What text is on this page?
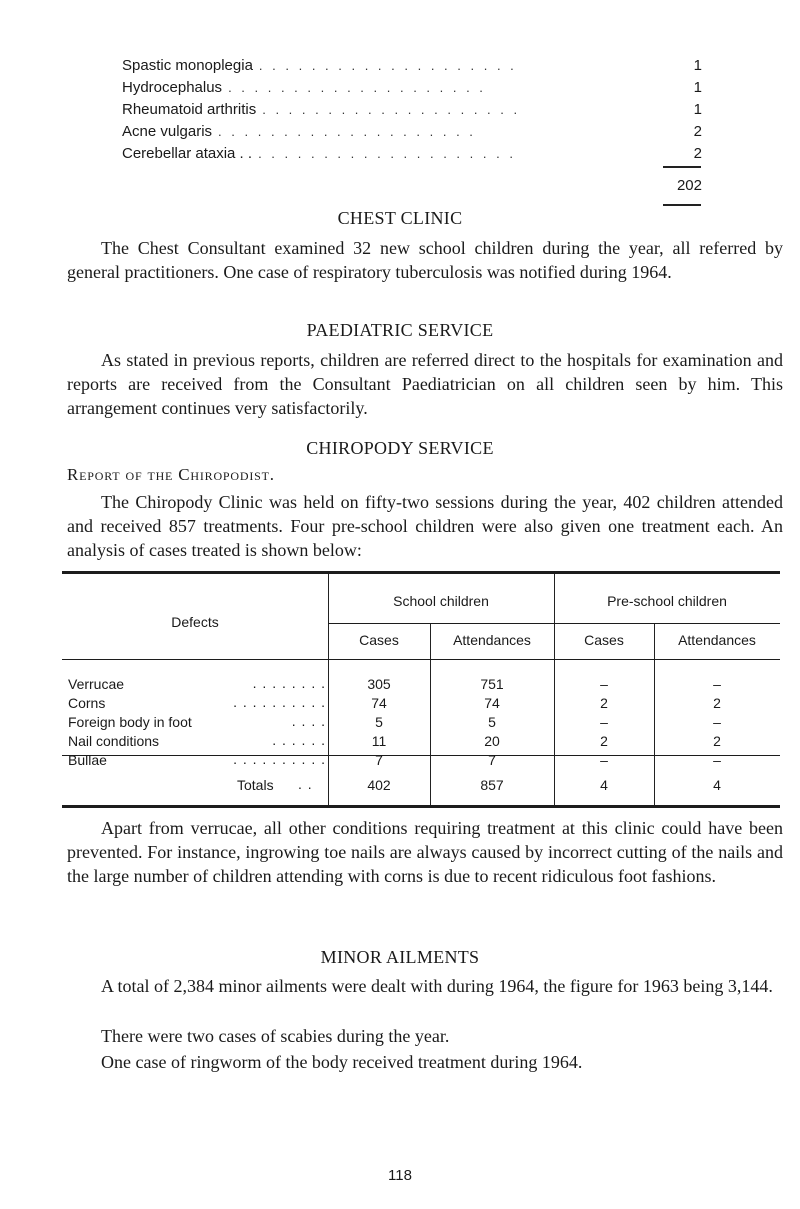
Spastic monoplegia . . . . . . . . . . . . . . . . . . . .	1
Hydrocephalus . . . . . . . . . . . . . . . . . . . .	1
Rheumatoid arthritis . . . . . . . . . . . . . . . . . . . .	1
Acne vulgaris . . . . . . . . . . . . . . . . . . . .	2
Cerebellar ataxia . . . . . . . . . . . . . . . . . . . . . .	2
202
CHEST CLINIC
The Chest Consultant examined 32 new school children during the year, all referred by general practitioners. One case of respiratory tuberculosis was notified during 1964.
PAEDIATRIC SERVICE
As stated in previous reports, children are referred direct to the hospitals for examination and reports are received from the Consultant Paediatrician on all children seen by him. This arrangement continues very satisfactorily.
CHIROPODY SERVICE
Report of the Chiropodist.
The Chiropody Clinic was held on fifty-two sessions during the year, 402 children attended and received 857 treatments. Four pre-school children were also given one treatment each. An analysis of cases treated is shown below:
Defects
School children	Pre-school children
Cases	Attendances	Cases	Attendances
Verrucae	. . . . . . . .	305	751	–	–
Corns	. . . . . . . . . .	74	74	2	2
Foreign body in foot	. . . .	5	5	–	–
Nail conditions	. . . . . .	11	20	2	2
Bullae	. . . . . . . . . .	7	7	–	–
Totals . .	402	857	4	4
Apart from verrucae, all other conditions requiring treatment at this clinic could have been prevented. For instance, ingrowing toe nails are always caused by incorrect cutting of the nails and the large number of children attending with corns is due to recent ridiculous foot fashions.
MINOR AILMENTS
A total of 2,384 minor ailments were dealt with during 1964, the figure for 1963 being 3,144.
There were two cases of scabies during the year.
One case of ringworm of the body received treatment during 1964.
118
